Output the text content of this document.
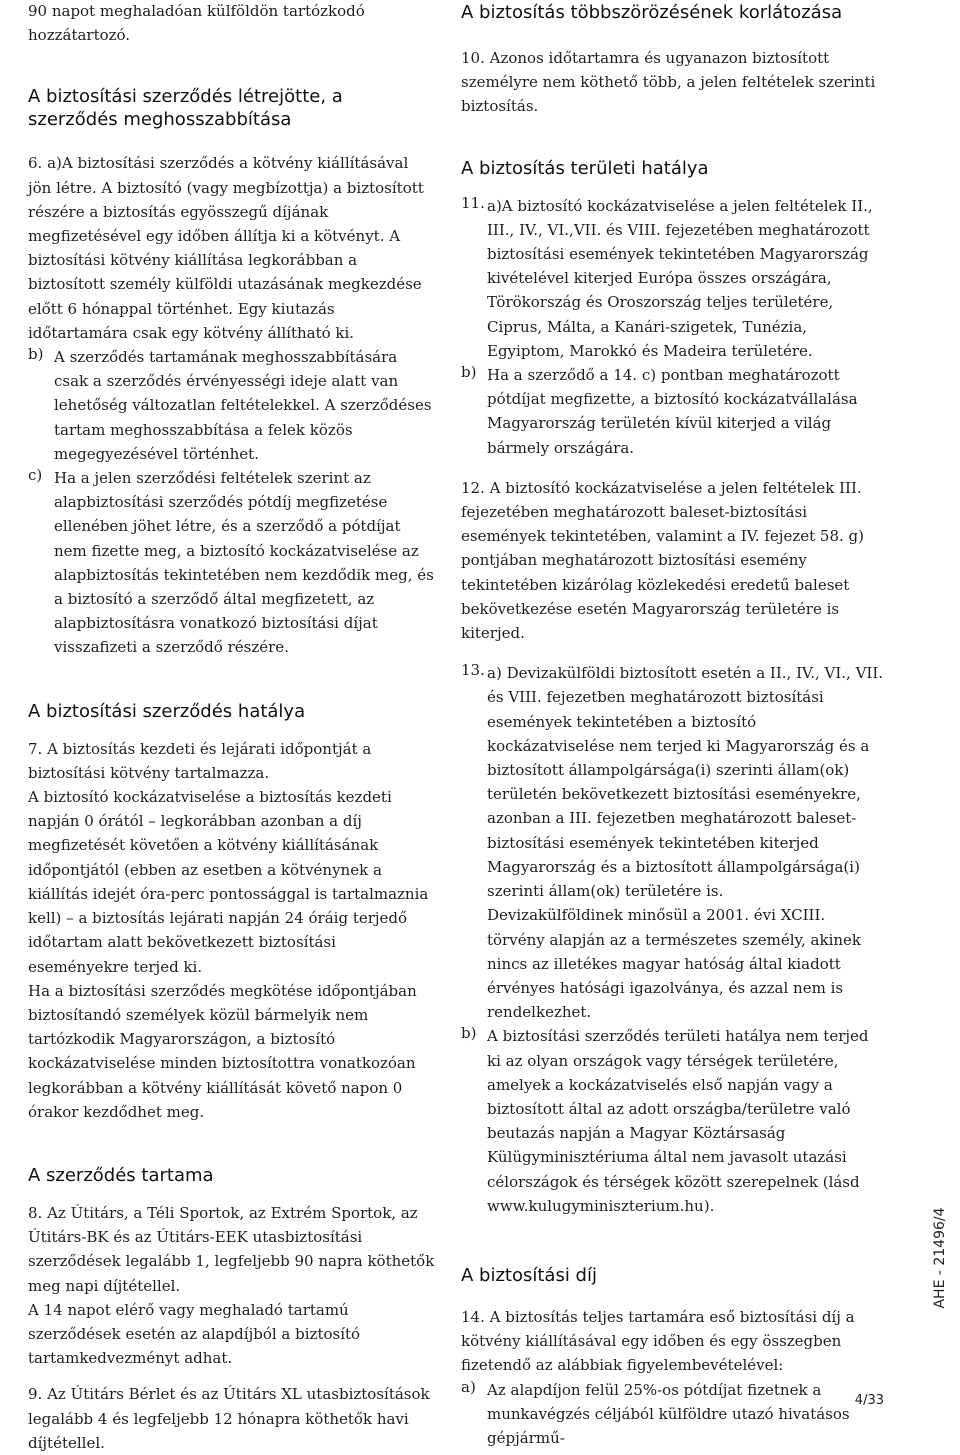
90 napot meghaladóan külföldön tartózkodó hozzátartozó.
A biztosítási szerződés létrejötte, a szerződés meghosszabbítása
6. a)A biztosítási szerződés a kötvény kiállításával jön létre. A biztosító (vagy megbízottja) a biztosított részére a biztosítás egyösszegű díjának megfizetésével egy időben állítja ki a kötvényt. A biztosítási kötvény kiállítása legkorábban a biztosított személy külföldi utazásának megkezdése előtt 6 hónappal történhet. Egy kiutazás időtartamára csak egy kötvény állítható ki.
b) A szerződés tartamának meghosszabbítására csak a szerződés érvényességi ideje alatt van lehetőség változatlan feltételekkel. A szerződéses tartam meghosszabbítása a felek közös megegyezésével történhet.
c) Ha a jelen szerződési feltételek szerint az alapbiztosítási szerződés pótdíj megfizetése ellenében jöhet létre, és a szerződő a pótdíjat nem fizette meg, a biztosító kockázatviselése az alapbiztosítás tekintetében nem kezdődik meg, és a biztosító a szerződő által megfizetett, az alapbiztosításra vonatkozó biztosítási díjat visszafizeti a szerződő részére.
A biztosítási szerződés hatálya
7. A biztosítás kezdeti és lejárati időpontját a biztosítási kötvény tartalmazza.
A biztosító kockázatviselése a biztosítás kezdeti napján 0 órától – legkorábban azonban a díj megfizetését követően a kötvény kiállításának időpontjától (ebben az esetben a kötvénynek a kiállítás idejét óra-perc pontossággal is tartalmaznia kell) – a biztosítás lejárati napján 24 óráig terjedő időtartam alatt bekövetkezett biztosítási eseményekre terjed ki.
Ha a biztosítási szerződés megkötése időpontjában biztosítandó személyek közül bármelyik nem tartózkodik Magyarországon, a biztosító kockázatviselése minden biztosítottra vonatkozóan legkorábban a kötvény kiállítását követő napon 0 órakor kezdődhet meg.
A szerződés tartama
8. Az Útitárs, a Téli Sportok, az Extrém Sportok, az Útitárs-BK és az Útitárs-EEK utasbiztosítási szerződések legalább 1, legfeljebb 90 napra köthetők meg napi díjtétellel.
A 14 napot elérő vagy meghaladó tartamú szerződések esetén az alapdíjból a biztosító tartamkedvezményt adhat.
9. Az Útitárs Bérlet és az Útitárs XL utasbiztosítások legalább 4 és legfeljebb 12 hónapra köthetők havi díjtétellel.
A biztosítás többszörözésének korlátozása
10. Azonos időtartamra és ugyanazon biztosított személyre nem köthető több, a jelen feltételek szerinti biztosítás.
A biztosítás területi hatálya
11. a)A biztosító kockázatviselése a jelen feltételek II., III., IV., VI.,VII. és VIII. fejezetében meghatározott biztosítási események tekintetében Magyarország kivételével kiterjed Európa összes országára, Törökország és Oroszország teljes területére, Ciprus, Málta, a Kanári-szigetek, Tunézia, Egyiptom, Marokkó és Madeira területére.
b) Ha a szerződő a 14. c) pontban meghatározott pótdíjat megfizette, a biztosító kockázatvállalása Magyarország területén kívül kiterjed a világ bármely országára.
12. A biztosító kockázatviselése a jelen feltételek III. fejezetében meghatározott baleset-biztosítási események tekintetében, valamint a IV. fejezet 58. g) pontjában meghatározott biztosítási esemény tekintetében kizárólag közlekedési eredetű baleset bekövetkezése esetén Magyarország területére is kiterjed.
13. a) Devizakülföldi biztosított esetén a II., IV., VI., VII. és VIII. fejezetben meghatározott biztosítási események tekintetében a biztosító kockázatviselése nem terjed ki Magyarország és a biztosított állampolgársága(i) szerinti állam(ok) területén bekövetkezett biztosítási eseményekre, azonban a III. fejezetben meghatározott baleset-biztosítási események tekintetében kiterjed Magyarország és a biztosított állampolgársága(i) szerinti állam(ok) területére is.
Devizakülföldinek minősül a 2001. évi XCIII. törvény alapján az a természetes személy, akinek nincs az illetékes magyar hatóság által kiadott érvényes hatósági igazolványa, és azzal nem is rendelkezhet.
b) A biztosítási szerződés területi hatálya nem terjed ki az olyan országok vagy térségek területére, amelyek a kockázatviselés első napján vagy a biztosított által az adott országba/területre való beutazás napján a Magyar Köztársaság Külügyminisztériuma által nem javasolt utazási célországok és térségek között szerepelnek (lásd www.kulugyminiszterium.hu).
A biztosítási díj
14. A biztosítás teljes tartamára eső biztosítási díj a kötvény kiállításával egy időben és egy összegben fizetendő az alábbiak figyelembevételével:
a) Az alapdíjon felül 25%-os pótdíjat fizetnek a munkavégzés céljából külföldre utazó hivatásos gépjármű-
AHE - 21496/4
4/33
